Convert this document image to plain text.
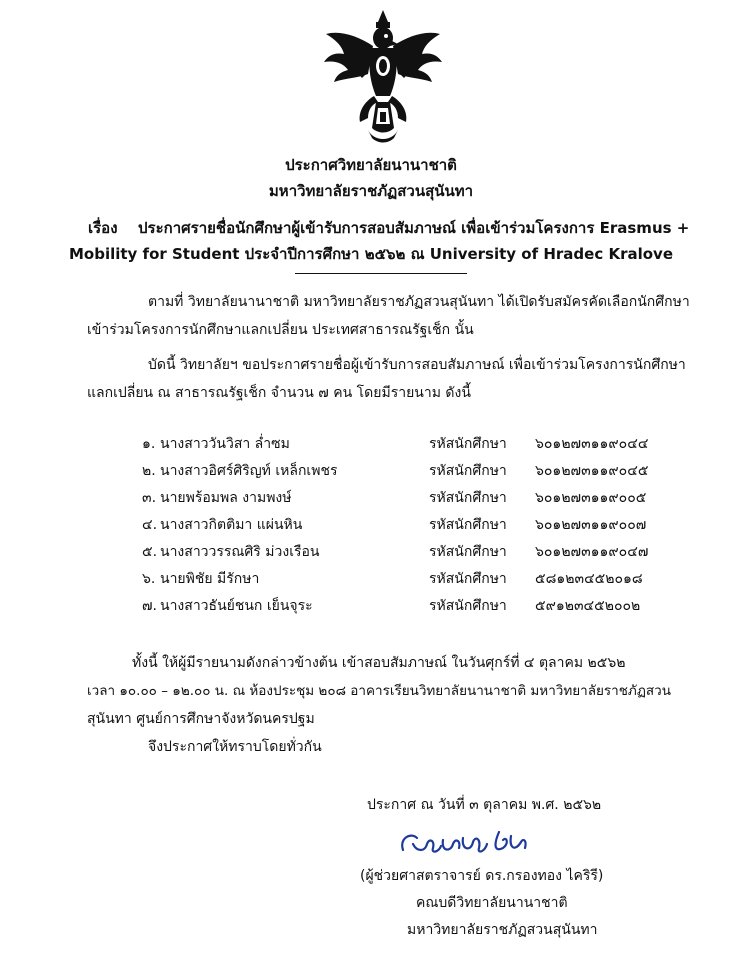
ประกาศวิทยาลัยนานาชาติ
มหาวิทยาลัยราชภัฏสวนสุนันทา
เรื่อง ประกาศรายชื่อนักศึกษาผู้เข้ารับการสอบสัมภาษณ์ เพื่อเข้าร่วมโครงการ Erasmus +
Mobility for Student ประจำปีการศึกษา ๒๕๖๒ ณ University of Hradec Kralove
ตามที่ วิทยาลัยนานาชาติ มหาวิทยาลัยราชภัฏสวนสุนันทา ได้เปิดรับสมัครคัดเลือกนักศึกษา
เข้าร่วมโครงการนักศึกษาแลกเปลี่ยน ประเทศสาธารณรัฐเช็ก นั้น
บัดนี้ วิทยาลัยฯ ขอประกาศรายชื่อผู้เข้ารับการสอบสัมภาษณ์ เพื่อเข้าร่วมโครงการนักศึกษา
แลกเปลี่ยน ณ สาธารณรัฐเช็ก จำนวน ๗ คน โดยมีรายนาม ดังนี้
๑. นางสาววันวิสา ล่ำซม	รหัสนักศึกษา ๖๐๑๒๗๓๑๑๙๐๔๔
๒. นางสาวอิศร์ศิริญท์ เหล็กเพชร	รหัสนักศึกษา ๖๐๑๒๗๓๑๑๙๐๔๕
๓. นายพร้อมพล งามพงษ์	รหัสนักศึกษา ๖๐๑๒๗๓๑๑๙๐๐๕
๔. นางสาวกิตติมา แผ่นหิน	รหัสนักศึกษา ๖๐๑๒๗๓๑๑๙๐๐๗
๕. นางสาววรรณศิริ ม่วงเรือน	รหัสนักศึกษา ๖๐๑๒๗๓๑๑๙๐๔๗
๖. นายพิชัย มีรักษา	รหัสนักศึกษา ๕๘๑๒๓๔๕๒๐๑๘
๗. นางสาวธันย์ชนก เย็นจุระ	รหัสนักศึกษา ๕๙๑๒๓๔๕๒๐๐๒
ทั้งนี้ ให้ผู้มีรายนามดังกล่าวข้างต้น เข้าสอบสัมภาษณ์ ในวันศุกร์ที่ ๔ ตุลาคม ๒๕๖๒
เวลา ๑๐.๐๐ – ๑๒.๐๐ น. ณ ห้องประชุม ๒๐๘ อาคารเรียนวิทยาลัยนานาชาติ มหาวิทยาลัยราชภัฏสวน
สุนันทา ศูนย์การศึกษาจังหวัดนครปฐม
จึงประกาศให้ทราบโดยทั่วกัน
ประกาศ ณ วันที่ ๓ ตุลาคม พ.ศ. ๒๕๖๒
(ผู้ช่วยศาสตราจารย์ ดร.กรองทอง ไคริรี)
คณบดีวิทยาลัยนานาชาติ
มหาวิทยาลัยราชภัฏสวนสุนันทา
